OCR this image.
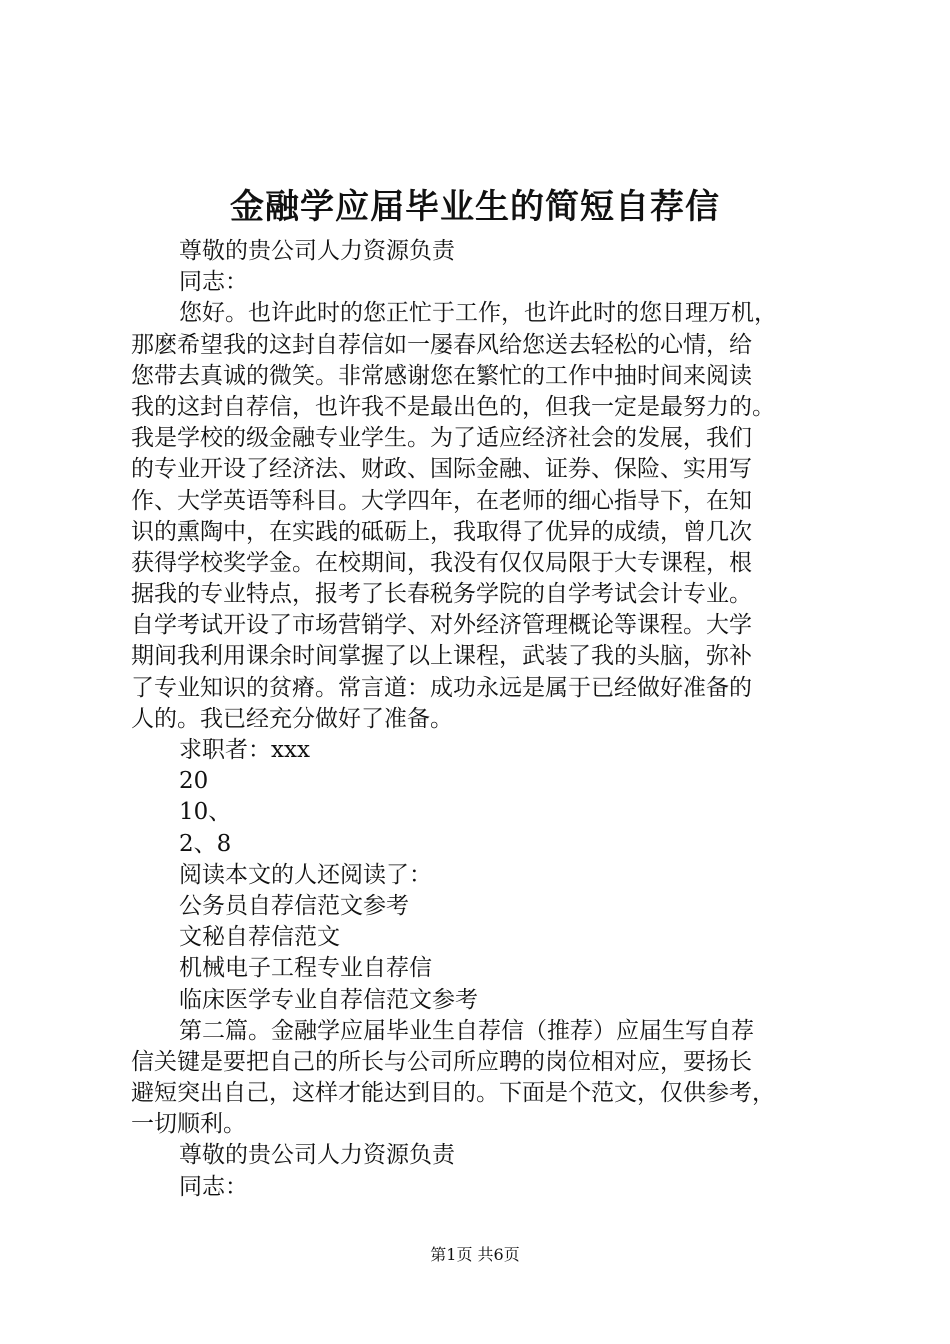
金融学应届毕业生的简短自荐信
尊敬的贵公司人力资源负责
同志：
您好。也许此时的您正忙于工作，也许此时的您日理万机，
那麽希望我的这封自荐信如一屡春风给您送去轻松的心情，给
您带去真诚的微笑。非常感谢您在繁忙的工作中抽时间来阅读
我的这封自荐信，也许我不是最出色的，但我一定是最努力的。
我是学校的级金融专业学生。为了适应经济社会的发展，我们
的专业开设了经济法、财政、国际金融、证券、保险、实用写
作、大学英语等科目。大学四年，在老师的细心指导下，在知
识的熏陶中，在实践的砥砺上，我取得了优异的成绩，曾几次
获得学校奖学金。在校期间，我没有仅仅局限于大专课程，根
据我的专业特点，报考了长春税务学院的自学考试会计专业。
自学考试开设了市场营销学、对外经济管理概论等课程。大学
期间我利用课余时间掌握了以上课程，武装了我的头脑，弥补
了专业知识的贫瘠。常言道：成功永远是属于已经做好准备的
人的。我已经充分做好了准备。
求职者：xxx
20
10、
2、8
阅读本文的人还阅读了：
公务员自荐信范文参考
文秘自荐信范文
机械电子工程专业自荐信
临床医学专业自荐信范文参考
第二篇。金融学应届毕业生自荐信（推荐）应届生写自荐
信关键是要把自己的所长与公司所应聘的岗位相对应，要扬长
避短突出自己，这样才能达到目的。下面是个范文，仅供参考，
一切顺利。
尊敬的贵公司人力资源负责
同志：
第1页 共6页
